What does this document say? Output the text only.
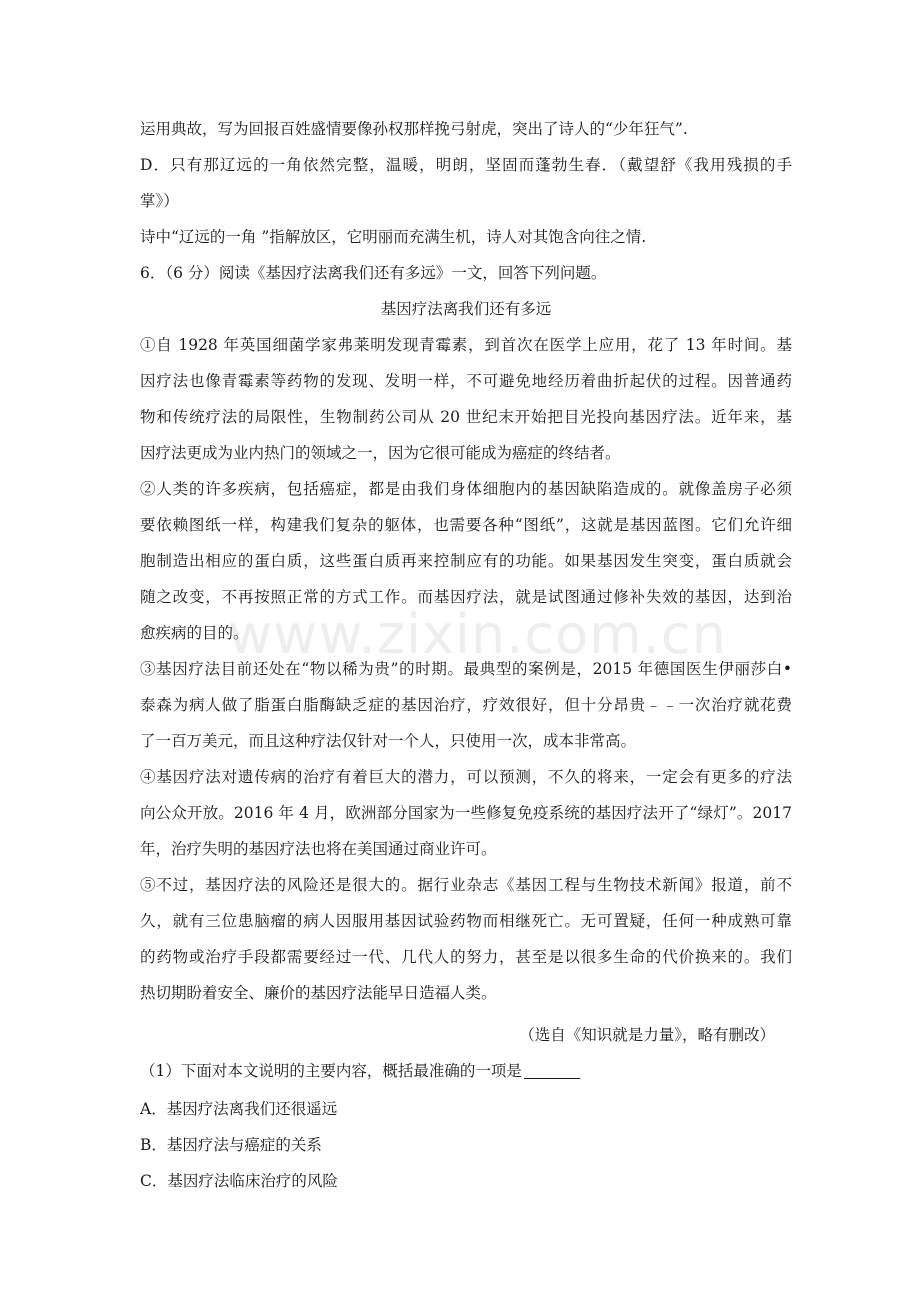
运用典故，写为回报百姓盛情要像孙权那样挽弓射虎，突出了诗人的“少年狂气”.
D．只有那辽远的一角依然完整，温暖，明朗，坚固而蓬勃生春．（戴望舒《我用残损的手
掌》）
诗中“辽远的一角 ”指解放区，它明丽而充满生机，诗人对其饱含向往之情.
6．（6 分）阅读《基因疗法离我们还有多远》一文，回答下列问题。
基因疗法离我们还有多远
①自 1928 年英国细菌学家弗莱明发现青霉素，到首次在医学上应用，花了 13 年时间。基
因疗法也像青霉素等药物的发现、发明一样，不可避免地经历着曲折起伏的过程。因普通药
物和传统疗法的局限性，生物制药公司从 20 世纪末开始把目光投向基因疗法。近年来，基
因疗法更成为业内热门的领域之一，因为它很可能成为癌症的终结者。
②人类的许多疾病，包括癌症，都是由我们身体细胞内的基因缺陷造成的。就像盖房子必须
要依赖图纸一样，构建我们复杂的躯体，也需要各种“图纸”，这就是基因蓝图。它们允许细
胞制造出相应的蛋白质，这些蛋白质再来控制应有的功能。如果基因发生突变，蛋白质就会
随之改变，不再按照正常的方式工作。而基因疗法，就是试图通过修补失效的基因，达到治
愈疾病的目的。
③基因疗法目前还处在“物以稀为贵”的时期。最典型的案例是，2015 年德国医生伊丽莎白•
泰森为病人做了脂蛋白脂酶缺乏症的基因治疗，疗效很好，但十分昂贵﹣﹣一次治疗就花费
了一百万美元，而且这种疗法仅针对一个人，只使用一次，成本非常高。
④基因疗法对遗传病的治疗有着巨大的潜力，可以预测，不久的将来，一定会有更多的疗法
向公众开放。2016 年 4 月，欧洲部分国家为一些修复免疫系统的基因疗法开了“绿灯”。2017
年，治疗失明的基因疗法也将在美国通过商业许可。
⑤不过，基因疗法的风险还是很大的。据行业杂志《基因工程与生物技术新闻》报道，前不
久，就有三位患脑瘤的病人因服用基因试验药物而相继死亡。无可置疑，任何一种成熟可靠
的药物或治疗手段都需要经过一代、几代人的努力，甚至是以很多生命的代价换来的。我们
热切期盼着安全、廉价的基因疗法能早日造福人类。
（选自《知识就是力量》，略有删改）
（1）下面对本文说明的主要内容，概括最准确的一项是
A．基因疗法离我们还很遥远
B．基因疗法与癌症的关系
C．基因疗法临床治疗的风险
www.zixin.com.cn
